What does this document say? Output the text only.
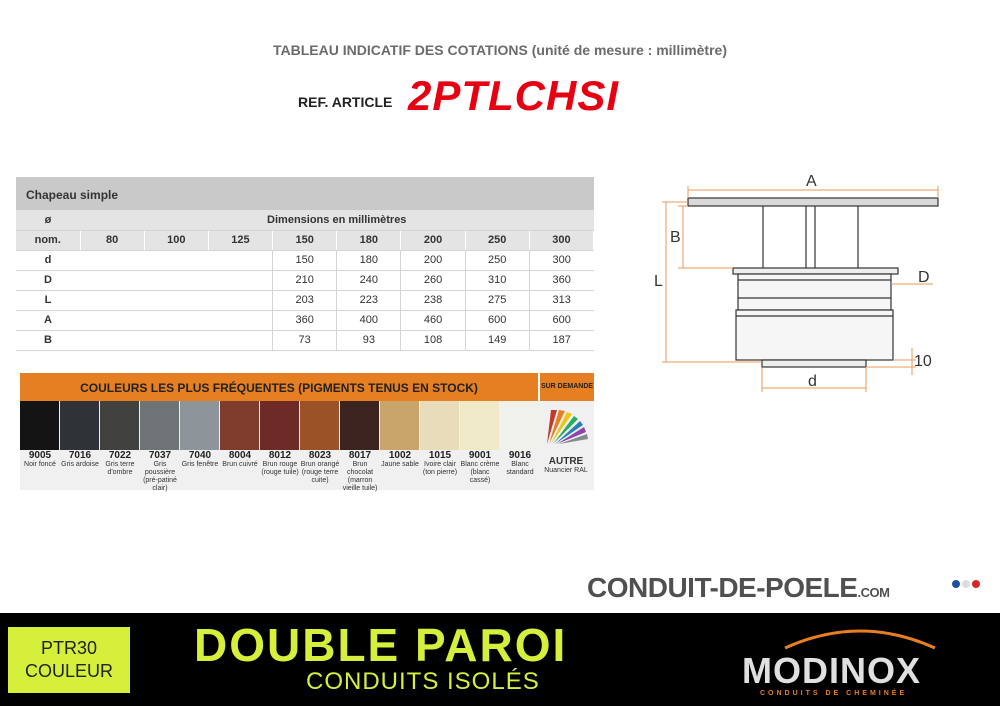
TABLEAU INDICATIF DES COTATIONS (unité de mesure : millimètre)
REF. ARTICLE 2PTLCHSI
Chapeau simple
ø	Dimensions en millimètres							
nom.	80	100	125	150	180	200	250	300
d				150	180	200	250	300
D				210	240	260	310	360
L				203	223	238	275	313
A				360	400	460	600	600
B				73	93	108	149	187
COULEURS LES PLUS FRÉQUENTES (PIGMENTS TENUS EN STOCK)	SUR DEMANDE
9005
Noir foncé
7016
Gris ardoise
7022
Gris terre d'ombre
7037
Gris poussière (pré-patiné clair)
7040
Gris fenêtre
8004
Brun cuivré
8012
Brun rouge (rouge tuile)
8023
Brun orangé (rouge terre cuite)
8017
Brun chocolat (marron vieille tuile)
1002
Jaune sable
1015
Ivoire clair (ton pierre)
9001
Blanc crème (blanc cassé)
9016
Blanc standard
AUTRE
Nuancier RAL
A
B
L	D
d
10
CONDUIT-DE-POELE.COM
PTR30
COULEUR	DOUBLE PAROI
CONDUITS ISOLÉS	MODINOX
CONDUITS DE CHEMINÉE
